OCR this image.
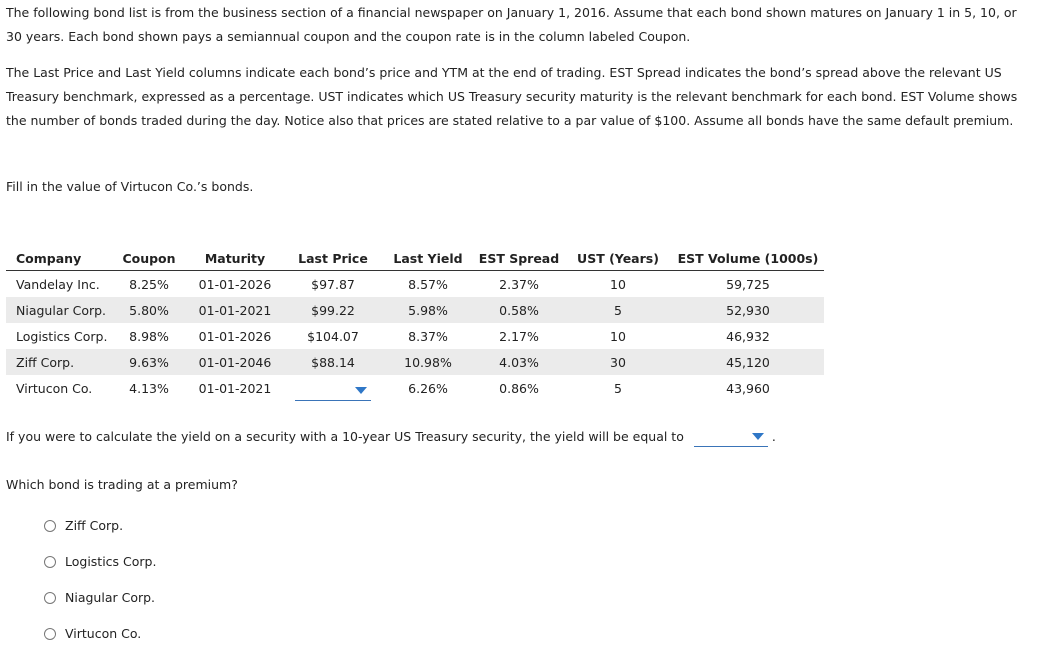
The following bond list is from the business section of a financial newspaper on January 1, 2016. Assume that each bond shown matures on January 1 in 5, 10, or 30 years. Each bond shown pays a semiannual coupon and the coupon rate is in the column labeled Coupon.

The Last Price and Last Yield columns indicate each bond’s price and YTM at the end of trading. EST Spread indicates the bond’s spread above the relevant US Treasury benchmark, expressed as a percentage. UST indicates which US Treasury security maturity is the relevant benchmark for each bond. EST Volume shows the number of bonds traded during the day. Notice also that prices are stated relative to a par value of $100. Assume all bonds have the same default premium.

Fill in the value of Virtucon Co.’s bonds.

Company	Coupon	Maturity	Last Price	Last Yield	EST Spread	UST (Years)	EST Volume (1000s)
Vandelay Inc.	8.25%	01-01-2026	$97.87	8.57%	2.37%	10	59,725
Niagular Corp.	5.80%	01-01-2021	$99.22	5.98%	0.58%	5	52,930
Logistics Corp.	8.98%	01-01-2026	$104.07	8.37%	2.17%	10	46,932
Ziff Corp.	9.63%	01-01-2046	$88.14	10.98%	4.03%	30	45,120
Virtucon Co.	4.13%	01-01-2021		6.26%	0.86%	5	43,960

If you were to calculate the yield on a security with a 10-year US Treasury security, the yield will be equal to	.

Which bond is trading at a premium?

Ziff Corp.
Logistics Corp.
Niagular Corp.
Virtucon Co.
